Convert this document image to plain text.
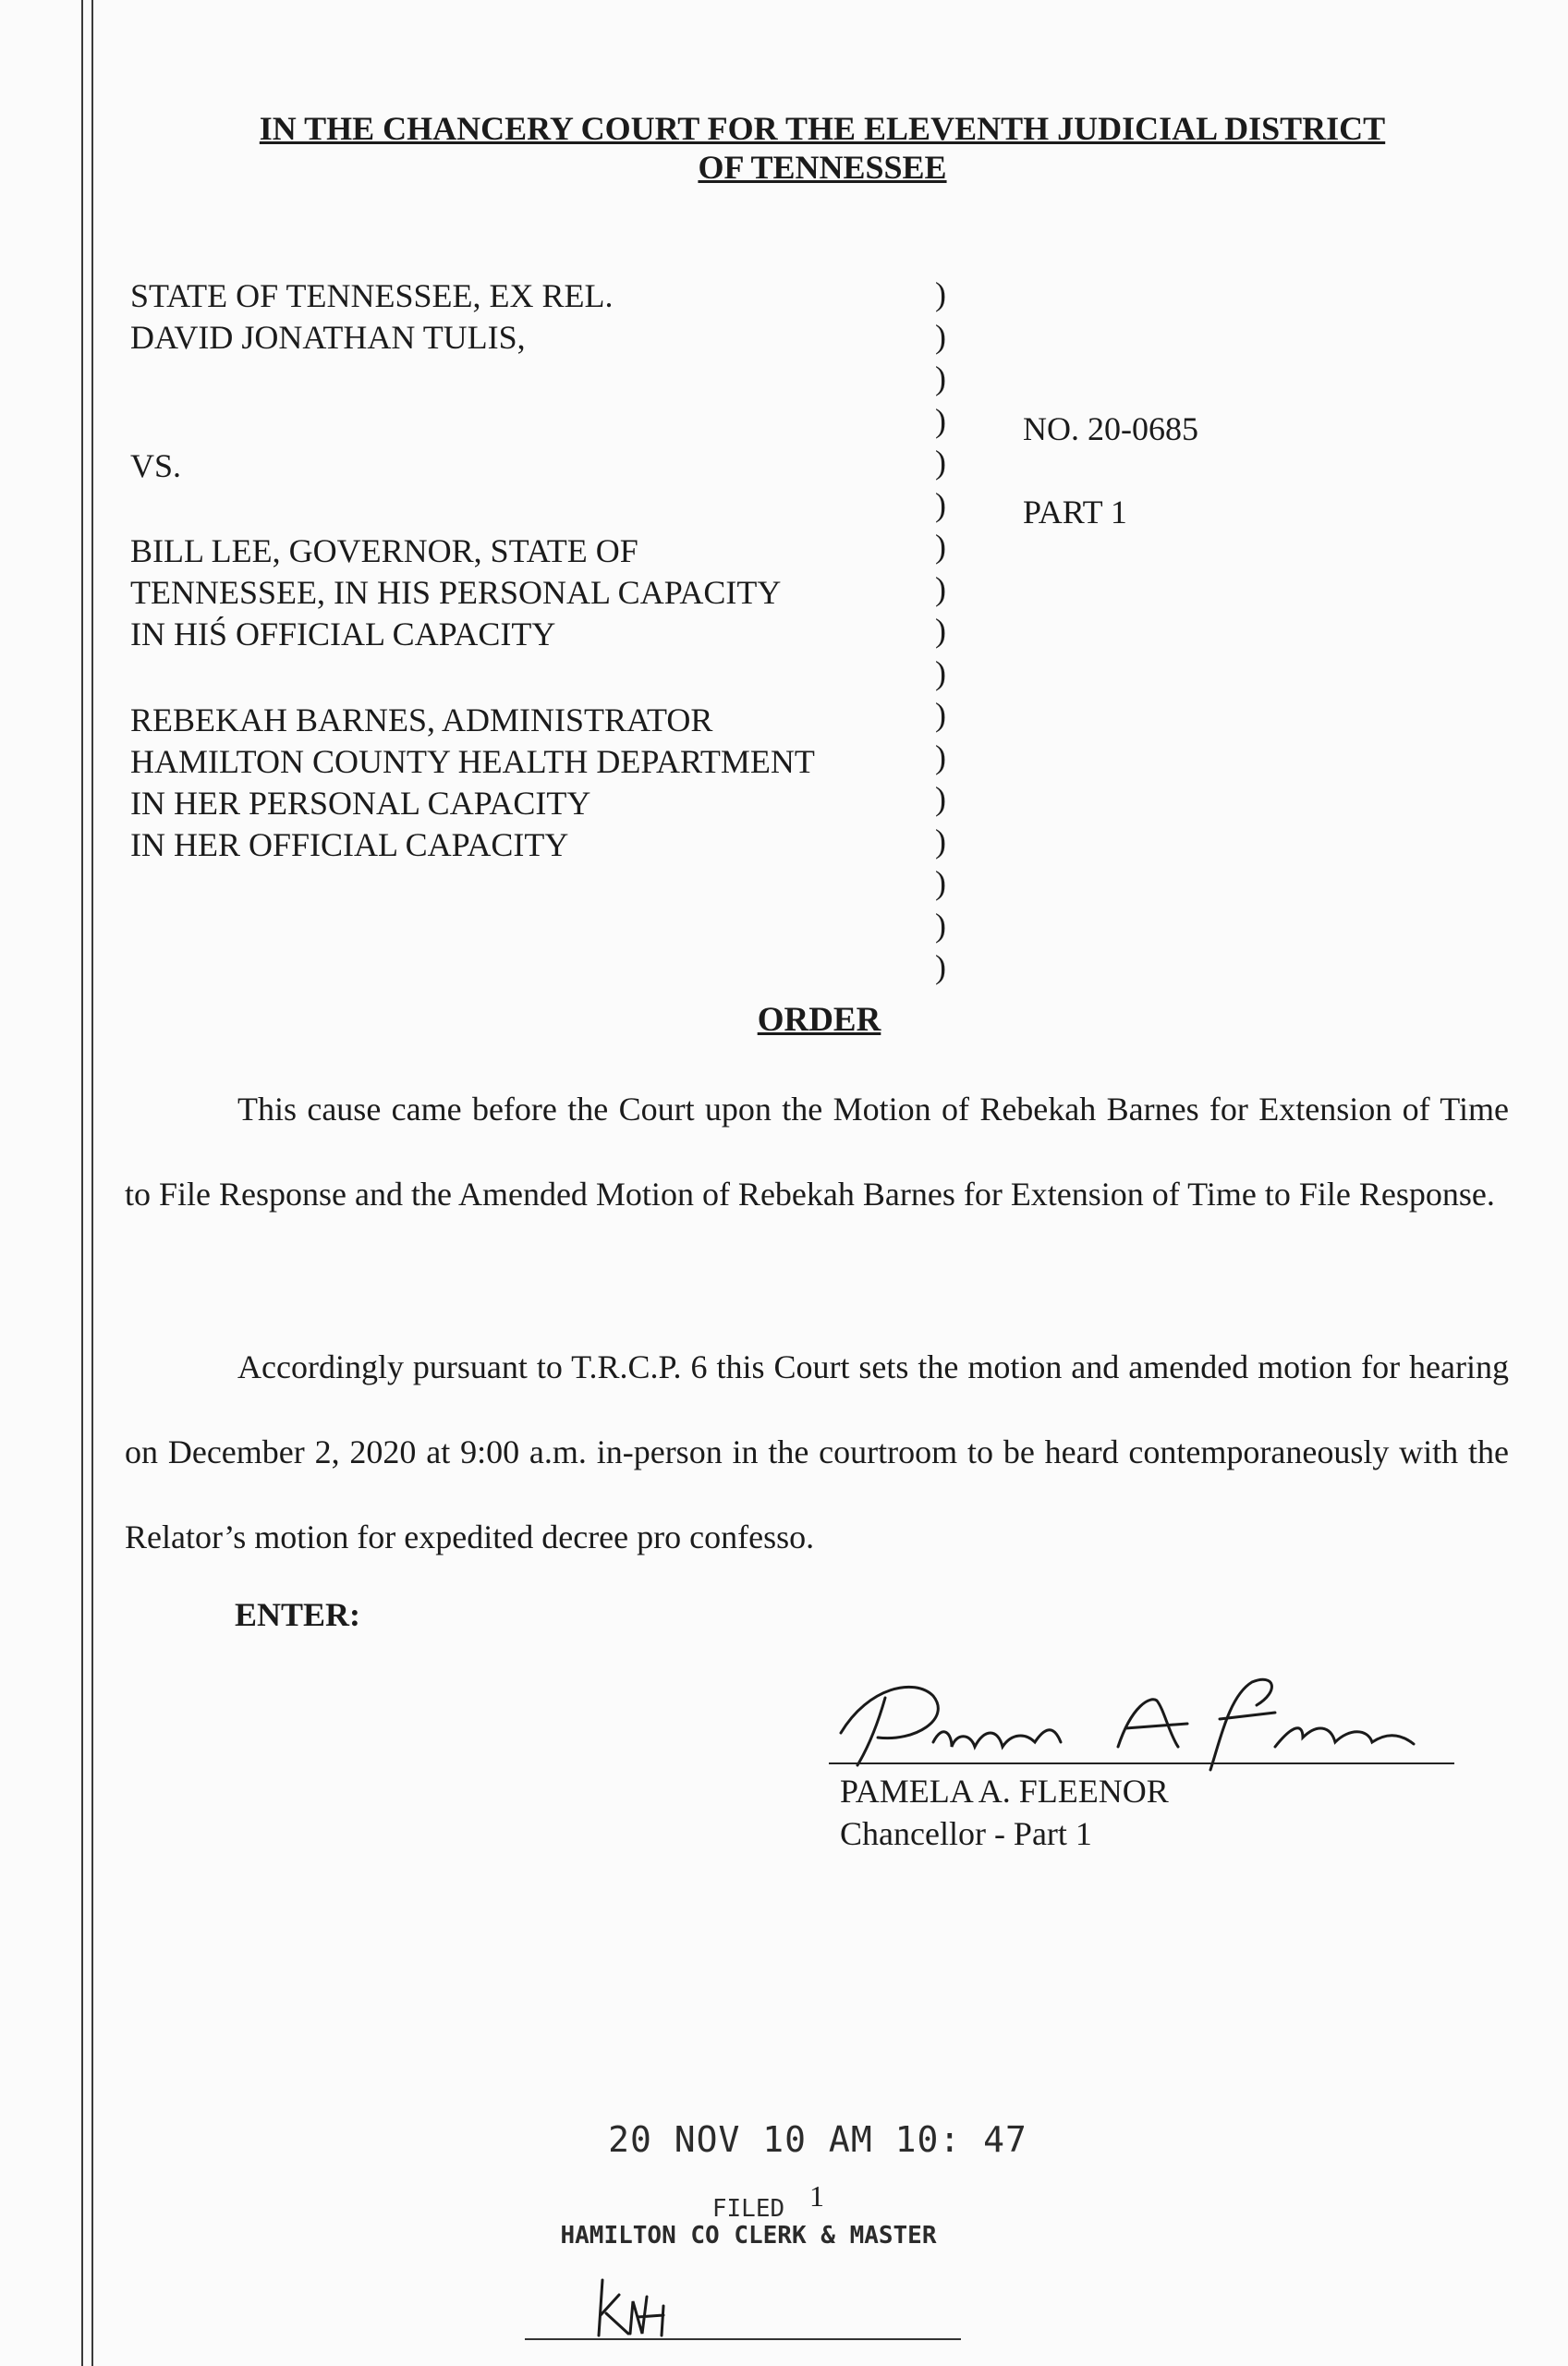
IN THE CHANCERY COURT FOR THE ELEVENTH JUDICIAL DISTRICT
OF TENNESSEE
STATE OF TENNESSEE, EX REL.
DAVID JONATHAN TULIS,
VS.
BILL LEE, GOVERNOR, STATE OF
TENNESSEE, IN HIS PERSONAL CAPACITY
IN HIŚ OFFICIAL CAPACITY
REBEKAH BARNES, ADMINISTRATOR
HAMILTON COUNTY HEALTH DEPARTMENT
IN HER PERSONAL CAPACITY
IN HER OFFICIAL CAPACITY
)
)
)
)
)
)
)
)
)
)
)
)
)
)
)
)
)
NO. 20-0685
PART 1
ORDER

This cause came before the Court upon the Motion of Rebekah Barnes for Extension of Time to File Response and the Amended Motion of Rebekah Barnes for Extension of Time to File Response.

Accordingly pursuant to T.R.C.P. 6 this Court sets the motion and amended motion for hearing on December 2, 2020 at 9:00 a.m. in-person in the courtroom to be heard contemporaneously with the Relator’s motion for expedited decree pro confesso.

ENTER:
PAMELA A. FLEENOR
Chancellor - Part 1
20 NOV 10 AM 10: 47
1
FILED
HAMILTON CO CLERK & MASTER
